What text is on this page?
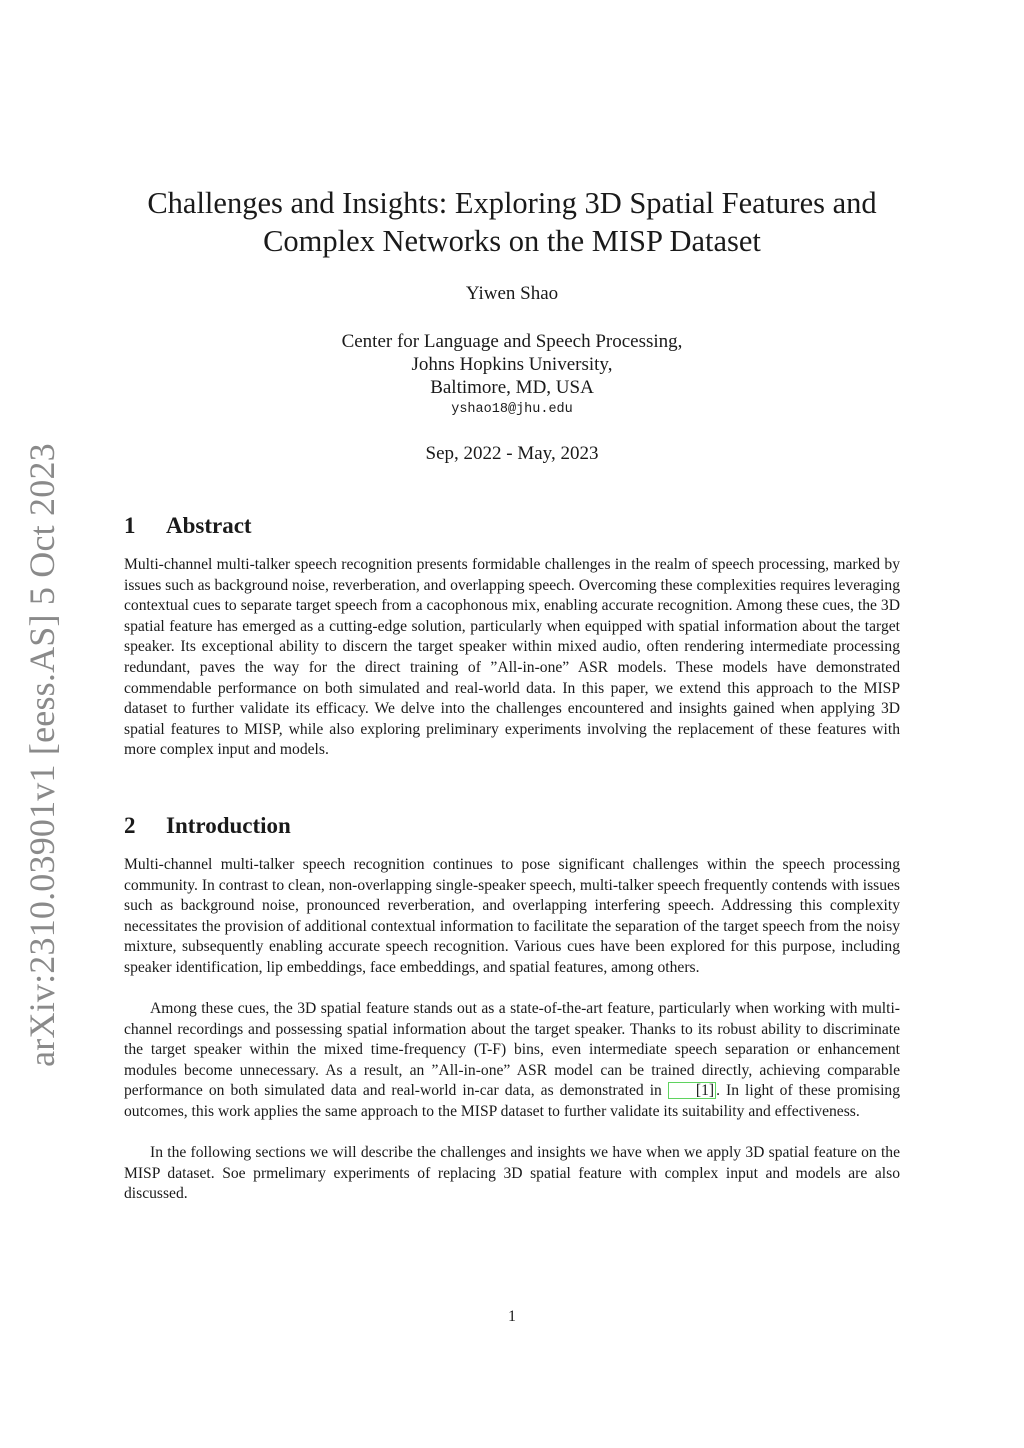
arXiv:2310.03901v1 [eess.AS] 5 Oct 2023
Challenges and Insights: Exploring 3D Spatial Features and
Complex Networks on the MISP Dataset
Yiwen Shao
Center for Language and Speech Processing,
Johns Hopkins University,
Baltimore, MD, USA
yshao18@jhu.edu
Sep, 2022 - May, 2023
1 Abstract

Multi-channel multi-talker speech recognition presents formidable challenges in the realm of speech processing, marked by issues such as background noise, reverberation, and overlapping speech. Overcoming these complexities requires leveraging contextual cues to separate target speech from a cacophonous mix, enabling accurate recognition. Among these cues, the 3D spatial feature has emerged as a cutting-edge solution, particularly when equipped with spatial information about the target speaker. Its exceptional ability to discern the target speaker within mixed audio, often rendering intermediate processing redundant, paves the way for the direct training of ”All-in-one” ASR models. These models have demonstrated commendable performance on both simulated and real-world data. In this paper, we extend this approach to the MISP dataset to further validate its efficacy. We delve into the challenges encountered and insights gained when applying 3D spatial features to MISP, while also exploring preliminary experiments involving the replacement of these features with more complex input and models.

2 Introduction

Multi-channel multi-talker speech recognition continues to pose significant challenges within the speech processing community. In contrast to clean, non-overlapping single-speaker speech, multi-talker speech frequently contends with issues such as background noise, pronounced reverberation, and overlapping interfering speech. Addressing this complexity necessitates the provision of additional contextual information to facilitate the separation of the target speech from the noisy mixture, subsequently enabling accurate speech recognition. Various cues have been explored for this purpose, including speaker identification, lip embeddings, face embeddings, and spatial features, among others.

Among these cues, the 3D spatial feature stands out as a state-of-the-art feature, particularly when working with multi-channel recordings and possessing spatial information about the target speaker. Thanks to its robust ability to discriminate the target speaker within the mixed time-frequency (T-F) bins, even intermediate speech separation or enhancement modules become unnecessary. As a result, an ”All-in-one” ASR model can be trained directly, achieving comparable performance on both simulated data and real-world in-car data, as demonstrated in [1] . In light of these promising outcomes, this work applies the same approach to the MISP dataset to further validate its suitability and effectiveness.

In the following sections we will describe the challenges and insights we have when we apply 3D spatial feature on the MISP dataset. Soe prmelimary experiments of replacing 3D spatial feature with complex input and models are also discussed.

1
